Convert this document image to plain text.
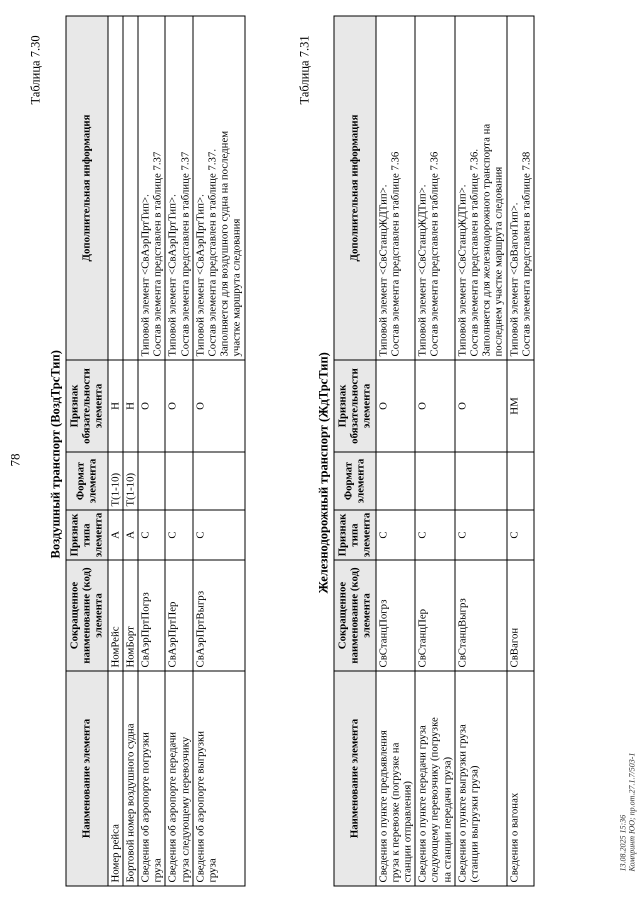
78
Таблица 7.30
Воздушный транспорт (ВоздТрсТип)
Наименование элемента	Сокращенное наименование (код) элемента	Признак типа элемента	Формат элемента	Признак обязательности элемента	Дополнительная информация

Номер рейса	НомРейс	А	T(1-10)	Н	

Бортовой номер воздушного судна	НомБорт	А	T(1-10)	Н	

Сведения об аэропорте погрузки груза	СвАэрПртПогрз	С		О	Типовой элемент <СвАэрПртТип>. Состав элемента представлен в таблице 7.37

Сведения об аэропорте передачи груза следующему перевозчику	СвАэрПртПер	С		О	Типовой элемент <СвАэрПртТип>. Состав элемента представлен в таблице 7.37

Сведения об аэропорте выгрузки груза	СвАэрПртВыгрз	С		О	Типовой элемент <СвАэрПртТип>. Состав элемента представлен в таблице 7.37. Заполняется для воздушного судна на последнем участке маршрута следования
Таблица 7.31
Железнодорожный транспорт (ЖдТрсТип)
Наименование элемента	Сокращенное наименование (код) элемента	Признак типа элемента	Формат элемента	Признак обязательности элемента	Дополнительная информация

Сведения о пункте предъявления груза к перевозке (погрузке на станции отправления)	СвСтанцПогрз	С		О	Типовой элемент <СвСтанцЖДТип>. Состав элемента представлен в таблице 7.36

Сведения о пункте передачи груза следующему перевозчику (погрузке на станции передачи груза)	СвСтанцПер	С		О	Типовой элемент <СвСтанцЖДТип>. Состав элемента представлен в таблице 7.36

Сведения о пункте выгрузки груза (станции выгрузки груза)	СвСтанцВыгрз	С		О	Типовой элемент <СвСтанцЖДТип>. Состав элемента представлен в таблице 7.36. Заполняется для железнодорожного транспорта на последнем участке маршрута следования

Сведения о вагонах	СвВагон	С		НМ	Типовой элемент <СвВагонТип>. Состав элемента представлен в таблице 7.38
13.08.2025 15:36 Компринт ЮО; пр.от.27.1.7/503-1
